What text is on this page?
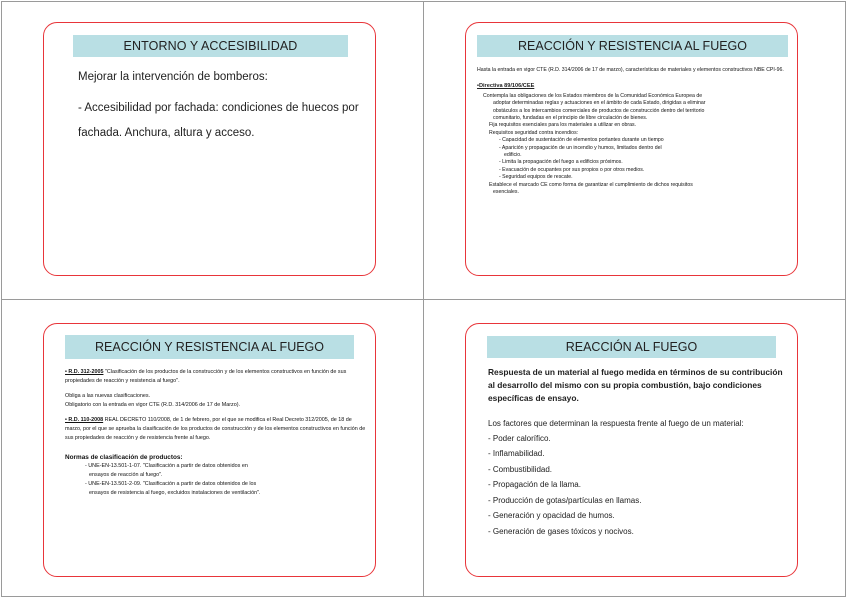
ENTORNO Y ACCESIBILIDAD

Mejorar la intervención de bomberos:

- Accesibilidad por fachada: condiciones de huecos por fachada. Anchura, altura y acceso.

REACCIÓN Y RESISTENCIA AL FUEGO
Hasta la entrada en vigor CTE (R.D. 314/2006 de 17 de marzo), características de materiales y elementos constructivos NBE CPI-96.
•Directiva 89/106/CEE
Contempla las obligaciones de los Estados miembros de la Comunidad Económica Europea de
adoptar determinadas reglas y actuaciones en el ámbito de cada Estado, dirigidas a eliminar
obstáculos a los intercambios comerciales de productos de construcción dentro del territorio
comunitario, fundadas en el principio de libre circulación de bienes.
Fija requisitos esenciales para los materiales a utilizar en obras.
Requisitos seguridad contra incendios:
- Capacidad de sustentación de elementos portantes durante un tiempo
- Aparición y propagación de un incendio y humos, limitados dentro del
edificio.
- Limita la propagación del fuego a edificios próximos.
- Evacuación de ocupantes por sus propios o por otros medios.
- Seguridad equipos de rescate.
Establece el marcado CE como forma de garantizar el cumplimiento de dichos requisitos
esenciales.
REACCIÓN Y RESISTENCIA AL FUEGO
• R.D. 312-2005 "Clasificación de los productos de la construcción y de los elementos constructivos en función de sus propiedades de reacción y resistencia al fuego".
Obliga a las nuevas clasificaciones.
Obligatorio con la entrada en vigor CTE (R.D. 314/2006 de 17 de Marzo).
• R.D. 110-2008 REAL DECRETO 110/2008, de 1 de febrero, por el que se modifica el Real Decreto 312/2005, de 18 de marzo, por el que se aprueba la clasificación de los productos de construcción y de los elementos constructivos en función de sus propiedades de reacción y de resistencia frente al fuego.
Normas de clasificación de productos:
- UNE-EN-13.501-1-07. "Clasificación a partir de datos obtenidos en
ensayos de reacción al fuego".
- UNE-EN-13.501-2-09. "Clasificación a partir de datos obtenidos de los
ensayos de resistencia al fuego, excluidos instalaciones de ventilación".
REACCIÓN AL FUEGO

Respuesta de un material al fuego medida en términos de su contribución al desarrollo del mismo con su propia combustión, bajo condiciones específicas de ensayo.

Los factores que determinan la respuesta frente al fuego de un material:

- Poder calorífico.
- Inflamabilidad.
- Combustibilidad.
- Propagación de la llama.
- Producción de gotas/partículas en llamas.
- Generación y opacidad de humos.
- Generación de gases tóxicos y nocivos.
